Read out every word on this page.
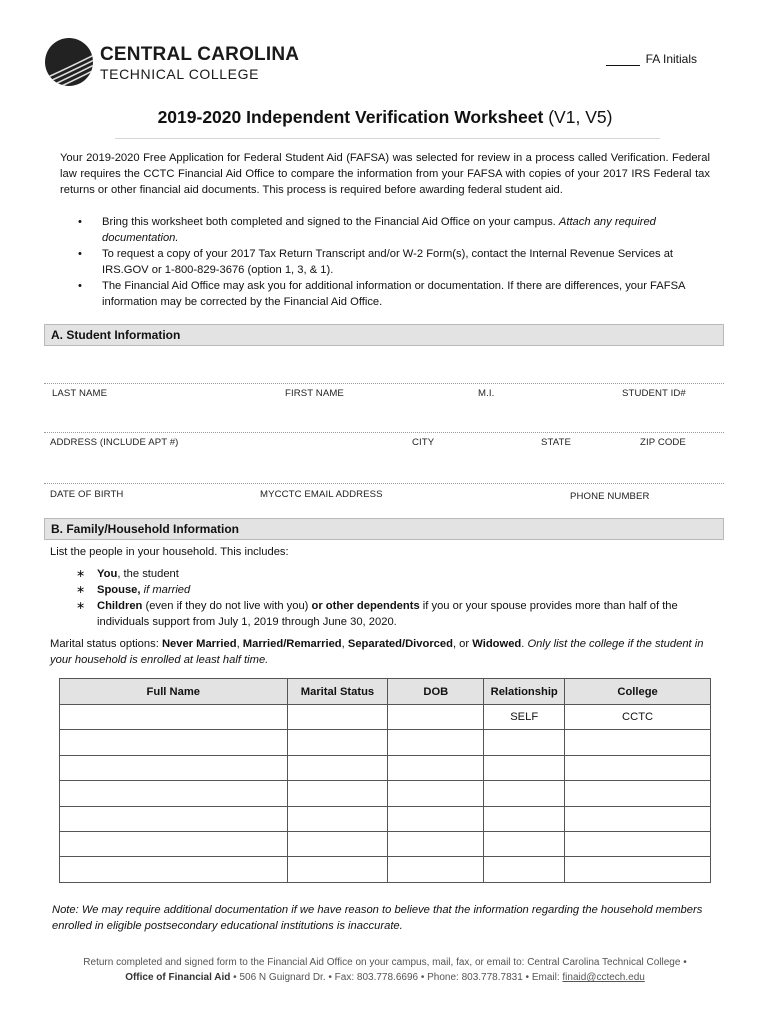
CENTRAL CAROLINA
TECHNICAL COLLEGE
FA Initials
2019-2020 Independent Verification Worksheet (V1, V5)
Your 2019-2020 Free Application for Federal Student Aid (FAFSA) was selected for review in a process called Verification. Federal law requires the CCTC Financial Aid Office to compare the information from your FAFSA with copies of your 2017 IRS Federal tax returns or other financial aid documents. This process is required before awarding federal student aid.
• Bring this worksheet both completed and signed to the Financial Aid Office on your campus. Attach any required documentation.
• To request a copy of your 2017 Tax Return Transcript and/or W-2 Form(s), contact the Internal Revenue Services at IRS.GOV or 1-800-829-3676 (option 1, 3, & 1).
• The Financial Aid Office may ask you for additional information or documentation. If there are differences, your FAFSA information may be corrected by the Financial Aid Office.
A. Student Information
LAST NAME	FIRST NAME	M.I.	STUDENT ID#
ADDRESS (INCLUDE APT #)	CITY	STATE	ZIP CODE
DATE OF BIRTH	MYCCTC EMAIL ADDRESS	PHONE NUMBER
B. Family/Household Information
List the people in your household. This includes:
∗ You, the student
∗ Spouse, if married
∗ Children (even if they do not live with you) or other dependents if you or your spouse provides more than half of the individuals support from July 1, 2019 through June 30, 2020.
Marital status options: Never Married, Married/Remarried, Separated/Divorced, or Widowed. Only list the college if the student in your household is enrolled at least half time.
Full Name	Marital Status	DOB	Relationship	College
			SELF	CCTC

Note: We may require additional documentation if we have reason to believe that the information regarding the household members enrolled in eligible postsecondary educational institutions is inaccurate.
Return completed and signed form to the Financial Aid Office on your campus, mail, fax, or email to: Central Carolina Technical College •
Office of Financial Aid • 506 N Guignard Dr. • Fax: 803.778.6696 • Phone: 803.778.7831 • Email: finaid@cctech.edu
